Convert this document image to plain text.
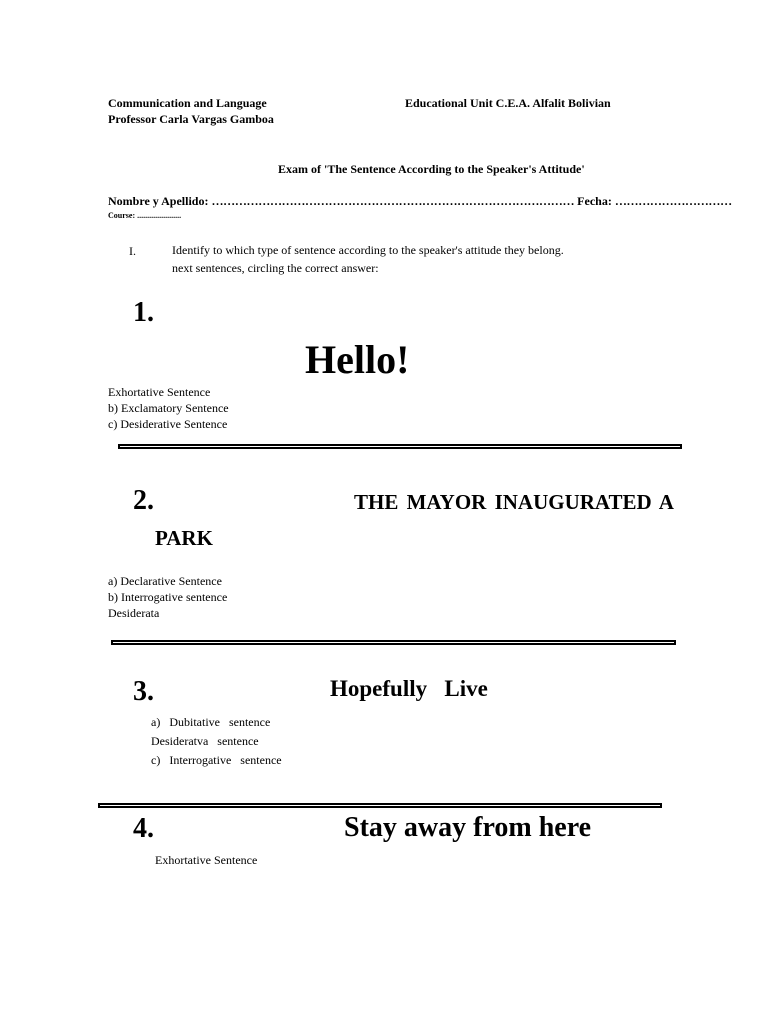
Communication and Language
Professor Carla Vargas Gamboa
Educational Unit C.E.A. Alfalit Bolivian
Exam of 'The Sentence According to the Speaker's Attitude'
Nombre y Apellido: ………………………………………………………………………………… Fecha: …………………………
Course: ......................
I.	Identify to which type of sentence according to the speaker's attitude they belong.
next sentences, circling the correct answer:
1.
Hello!
Exhortative Sentence
b) Exclamatory Sentence
c) Desiderative Sentence
2.	THE MAYOR INAUGURATED A
PARK
a) Declarative Sentence
b) Interrogative sentence
Desiderata
3.	Hopefully   Live
a)   Dubitative   sentence
Desideratva   sentence
c)   Interrogative   sentence
4.	Stay away from here
Exhortative Sentence
